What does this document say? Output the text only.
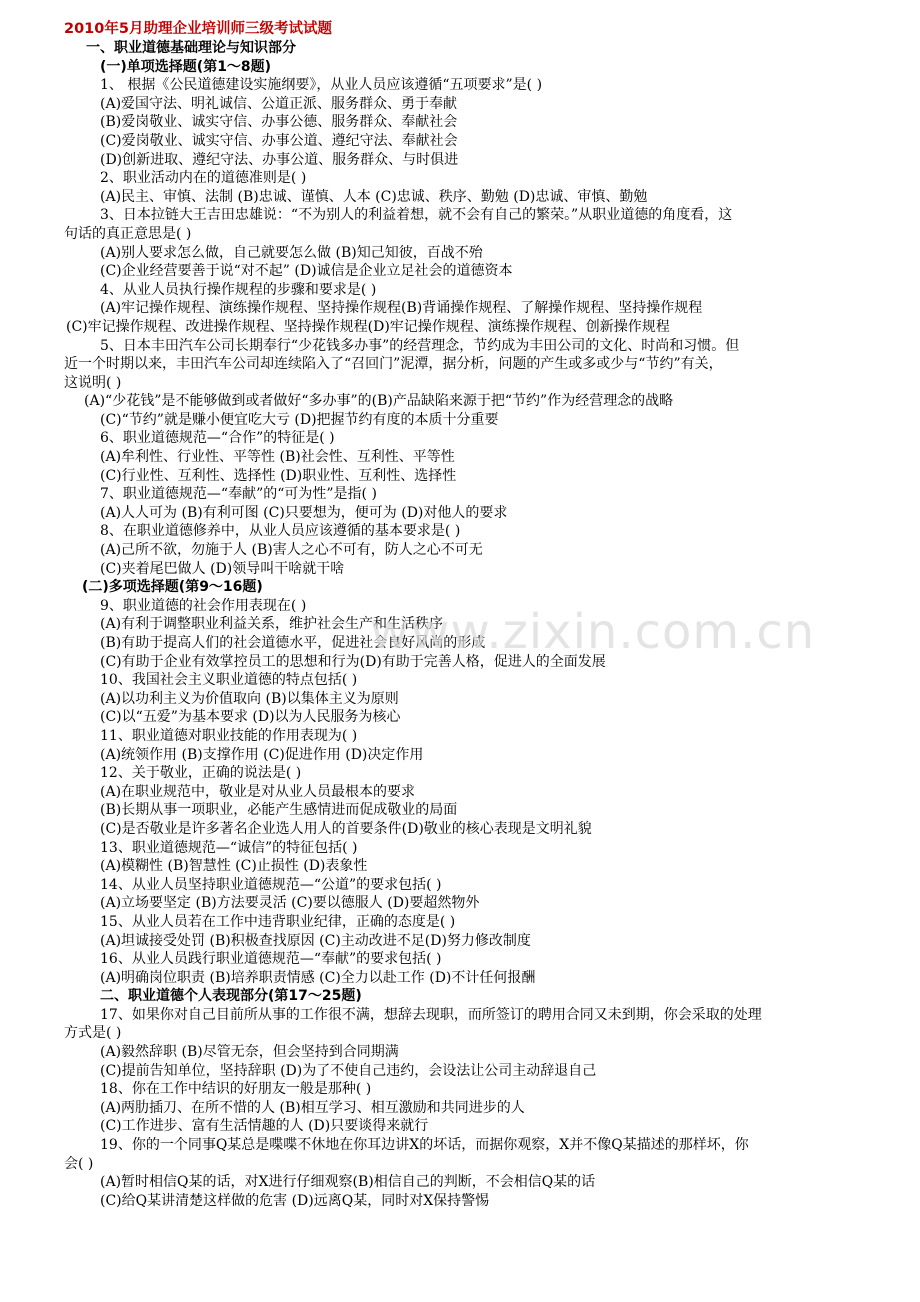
2010年5月助理企业培训师三级考试试题
一、职业道德基础理论与知识部分
(一)单项选择题(第1～8题)
1、 根据《公民道德建设实施纲要》，从业人员应该遵循“五项要求”是( )
(A)爱国守法、明礼诚信、公道正派、服务群众、勇于奉献
(B)爱岗敬业、诚实守信、办事公德、服务群众、奉献社会
(C)爱岗敬业、诚实守信、办事公道、遵纪守法、奉献社会
(D)创新进取、遵纪守法、办事公道、服务群众、与时俱进
2、职业活动内在的道德准则是( )
(A)民主、审慎、法制 (B)忠诚、谨慎、人本 (C)忠诚、秩序、勤勉 (D)忠诚、审慎、勤勉
3、日本拉链大王吉田忠雄说：“不为别人的利益着想，就不会有自己的繁荣。”从职业道德的角度看，这
句话的真正意思是( )
(A)别人要求怎么做，自己就要怎么做 (B)知己知彼，百战不殆
(C)企业经营要善于说“对不起” (D)诚信是企业立足社会的道德资本
4、从业人员执行操作规程的步骤和要求是( )
(A)牢记操作规程、演练操作规程、坚持操作规程(B)背诵操作规程、了解操作规程、坚持操作规程
(C)牢记操作规程、改进操作规程、坚持操作规程(D)牢记操作规程、演练操作规程、创新操作规程
5、日本丰田汽车公司长期奉行“少花钱多办事”的经营理念，节约成为丰田公司的文化、时尚和习惯。但
近一个时期以来，丰田汽车公司却连续陷入了“召回门”泥潭，据分析，问题的产生或多或少与“节约”有关，
这说明( )
(A)“少花钱”是不能够做到或者做好“多办事”的(B)产品缺陷来源于把“节约”作为经营理念的战略
(C)“节约”就是赚小便宜吃大亏 (D)把握节约有度的本质十分重要
6、职业道德规范—“合作”的特征是( )
(A)牟利性、行业性、平等性 (B)社会性、互利性、平等性
(C)行业性、互利性、选择性 (D)职业性、互利性、选择性
7、职业道德规范—“奉献”的“可为性”是指( )
(A)人人可为 (B)有利可图 (C)只要想为，便可为 (D)对他人的要求
8、在职业道德修养中，从业人员应该遵循的基本要求是( )
(A)己所不欲，勿施于人 (B)害人之心不可有，防人之心不可无
(C)夹着尾巴做人 (D)领导叫干啥就干啥
(二)多项选择题(第9～16题)
9、职业道德的社会作用表现在( )
(A)有利于调整职业利益关系，维护社会生产和生活秩序
(B)有助于提高人们的社会道德水平，促进社会良好风尚的形成
(C)有助于企业有效掌控员工的思想和行为(D)有助于完善人格，促进人的全面发展
10、我国社会主义职业道德的特点包括( )
(A)以功利主义为价值取向 (B)以集体主义为原则
(C)以“五爱”为基本要求 (D)以为人民服务为核心
11、职业道德对职业技能的作用表现为( )
(A)统领作用 (B)支撑作用 (C)促进作用 (D)决定作用
12、关于敬业，正确的说法是( )
(A)在职业规范中，敬业是对从业人员最根本的要求
(B)长期从事一项职业，必能产生感情进而促成敬业的局面
(C)是否敬业是许多著名企业选人用人的首要条件(D)敬业的核心表现是文明礼貌
13、职业道德规范—“诚信”的特征包括( )
(A)模糊性 (B)智慧性 (C)止损性 (D)表象性
14、从业人员坚持职业道德规范—“公道”的要求包括( )
(A)立场要坚定 (B)方法要灵活 (C)要以德服人 (D)要超然物外
15、从业人员若在工作中违背职业纪律，正确的态度是( )
(A)坦诚接受处罚 (B)积极查找原因 (C)主动改进不足(D)努力修改制度
16、从业人员践行职业道德规范—“奉献”的要求包括( )
(A)明确岗位职责 (B)培养职责情感 (C)全力以赴工作 (D)不计任何报酬
二、职业道德个人表现部分(第17～25题)
17、如果你对自己目前所从事的工作很不满，想辞去现职，而所签订的聘用合同又未到期，你会采取的处理
方式是( )
(A)毅然辞职 (B)尽管无奈，但会坚持到合同期满
(C)提前告知单位，坚持辞职 (D)为了不使自己违约，会设法让公司主动辞退自己
18、你在工作中结识的好朋友一般是那种( )
(A)两肋插刀、在所不惜的人 (B)相互学习、相互激励和共同进步的人
(C)工作进步、富有生活情趣的人 (D)只要谈得来就行
19、你的一个同事Q某总是喋喋不休地在你耳边讲X的坏话，而据你观察，X并不像Q某描述的那样坏，你
会( )
(A)暂时相信Q某的话，对X进行仔细观察(B)相信自己的判断，不会相信Q某的话
(C)给Q某讲清楚这样做的危害 (D)远离Q某，同时对X保持警惕
www.zixin.com.cn
